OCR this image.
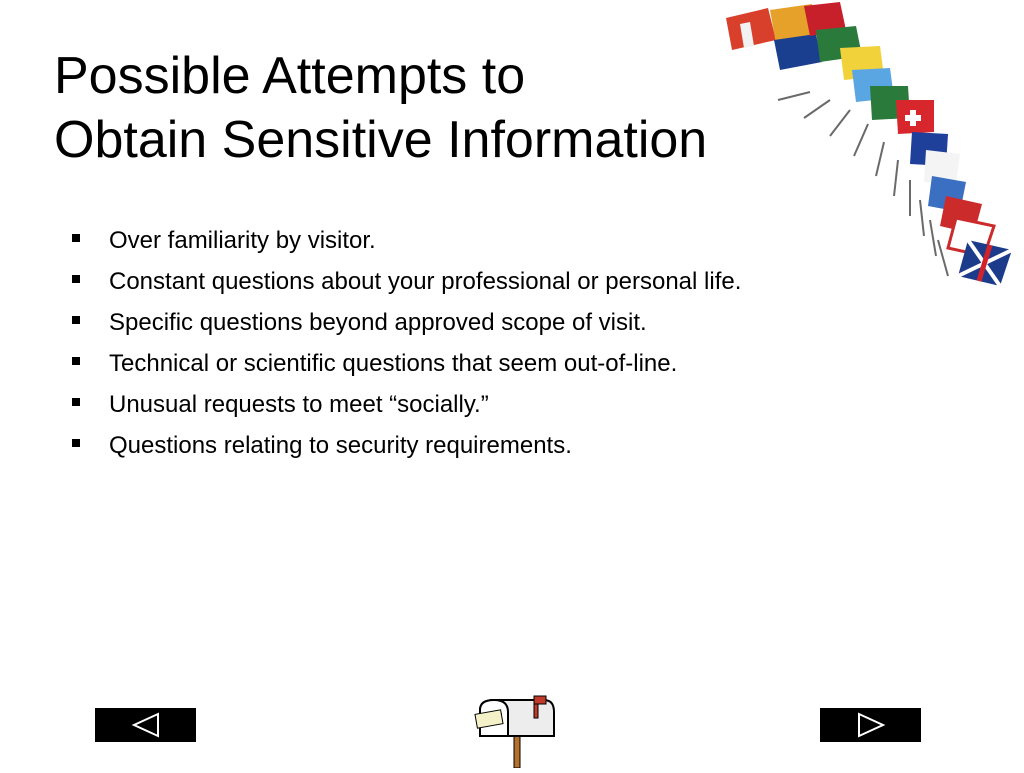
Possible Attempts to
Obtain Sensitive Information
Over familiarity by visitor.
Constant questions about your professional or personal life.
Specific questions beyond approved scope of visit.
Technical or scientific questions that seem out-of-line.
Unusual requests to meet “socially.”
Questions relating to security requirements.
